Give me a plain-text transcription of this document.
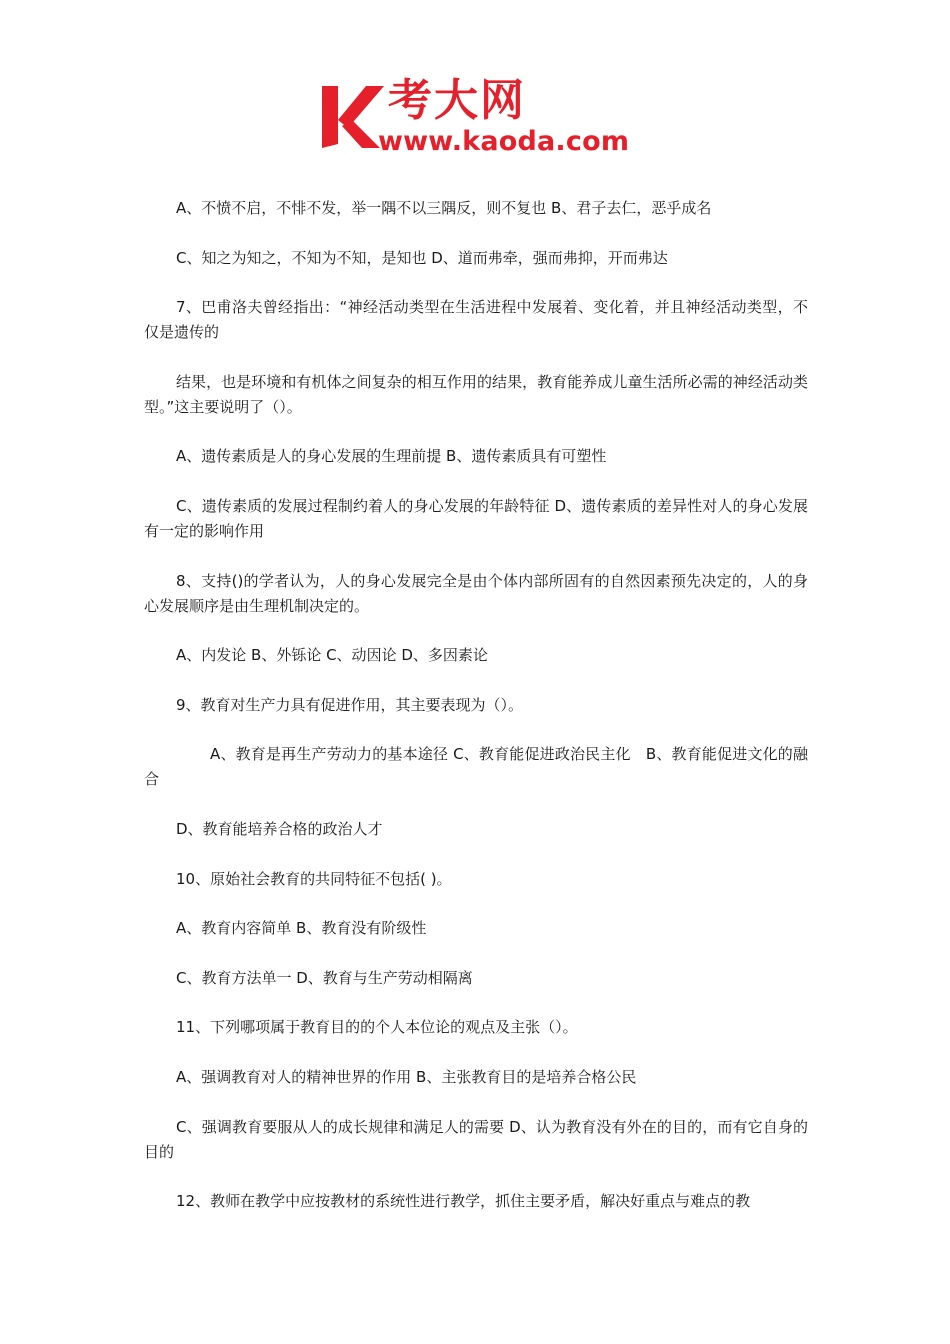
考大网
www.kaoda.com

A、不愤不启，不悱不发，举一隅不以三隅反，则不复也 B、君子去仁，恶乎成名

C、知之为知之，不知为不知，是知也 D、道而弗牵，强而弗抑，开而弗达

7、巴甫洛夫曾经指出：“神经活动类型在生活进程中发展着、变化着，并且神经活动类型，不仅是遗传的

结果，也是环境和有机体之间复杂的相互作用的结果，教育能养成儿童生活所必需的神经活动类型。”这主要说明了（）。

A、遗传素质是人的身心发展的生理前提 B、遗传素质具有可塑性

C、遗传素质的发展过程制约着人的身心发展的年龄特征 D、遗传素质的差异性对人的身心发展有一定的影响作用

8、支持()的学者认为，人的身心发展完全是由个体内部所固有的自然因素预先决定的，人的身心发展顺序是由生理机制决定的。

A、内发论 B、外铄论 C、动因论 D、多因素论

9、教育对生产力具有促进作用，其主要表现为（）。

A、教育是再生产劳动力的基本途径 C、教育能促进政治民主化　B、教育能促进文化的融合

D、教育能培养合格的政治人才

10、原始社会教育的共同特征不包括( )。

A、教育内容简单 B、教育没有阶级性

C、教育方法单一 D、教育与生产劳动相隔离

11、下列哪项属于教育目的的个人本位论的观点及主张（）。

A、强调教育对人的精神世界的作用 B、主张教育目的是培养合格公民

C、强调教育要服从人的成长规律和满足人的需要 D、认为教育没有外在的目的，而有它自身的目的

12、教师在教学中应按教材的系统性进行教学，抓住主要矛盾，解决好重点与难点的教
